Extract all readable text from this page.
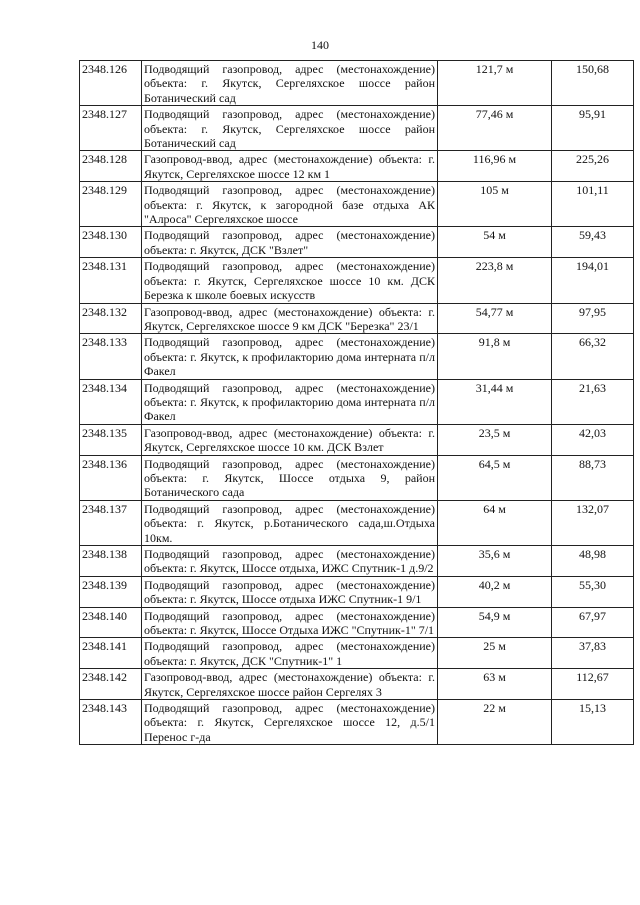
140
2348.126	Подводящий газопровод, адрес (местонахождение) объекта: г. Якутск, Сергеляхское шоссе район Ботанический сад	121,7 м	150,68
2348.127	Подводящий газопровод, адрес (местонахождение) объекта: г. Якутск, Сергеляхское шоссе район Ботанический сад	77,46 м	95,91
2348.128	Газопровод-ввод, адрес (местонахождение) объекта: г. Якутск, Сергеляхское шоссе 12 км 1	116,96 м	225,26
2348.129	Подводящий газопровод, адрес (местонахождение) объекта: г. Якутск, к загородной базе отдыха АК "Алроса" Сергеляхское шоссе	105 м	101,11
2348.130	Подводящий газопровод, адрес (местонахождение) объекта: г. Якутск, ДСК "Взлет"	54 м	59,43
2348.131	Подводящий газопровод, адрес (местонахождение) объекта: г. Якутск, Сергеляхское шоссе 10 км. ДСК Березка к школе боевых искусств	223,8 м	194,01
2348.132	Газопровод-ввод, адрес (местонахождение) объекта: г. Якутск, Сергеляхское шоссе 9 км ДСК "Березка" 23/1	54,77 м	97,95
2348.133	Подводящий газопровод, адрес (местонахождение) объекта: г. Якутск, к профилакторию дома интерната п/л Факел	91,8 м	66,32
2348.134	Подводящий газопровод, адрес (местонахождение) объекта: г. Якутск, к профилакторию дома интерната п/л Факел	31,44 м	21,63
2348.135	Газопровод-ввод, адрес (местонахождение) объекта: г. Якутск, Сергеляхское шоссе 10 км. ДСК Взлет	23,5 м	42,03
2348.136	Подводящий газопровод, адрес (местонахождение) объекта: г. Якутск, Шоссе отдыха 9, район Ботанического сада	64,5 м	88,73
2348.137	Подводящий газопровод, адрес (местонахождение) объекта: г. Якутск, р.Ботанического сада,ш.Отдыха 10км.	64 м	132,07
2348.138	Подводящий газопровод, адрес (местонахождение) объекта: г. Якутск, Шоссе отдыха, ИЖС Спутник-1 д.9/2	35,6 м	48,98
2348.139	Подводящий газопровод, адрес (местонахождение) объекта: г. Якутск, Шоссе отдыха ИЖС Спутник-1 9/1	40,2 м	55,30
2348.140	Подводящий газопровод, адрес (местонахождение) объекта: г. Якутск, Шоссе Отдыха ИЖС "Спутник-1" 7/1	54,9 м	67,97
2348.141	Подводящий газопровод, адрес (местонахождение) объекта: г. Якутск, ДСК "Спутник-1" 1	25 м	37,83
2348.142	Газопровод-ввод, адрес (местонахождение) объекта: г. Якутск, Сергеляхское шоссе район Сергелях 3	63 м	112,67
2348.143	Подводящий газопровод, адрес (местонахождение) объекта: г. Якутск, Сергеляхское шоссе 12, д.5/1 Перенос г-да	22 м	15,13
